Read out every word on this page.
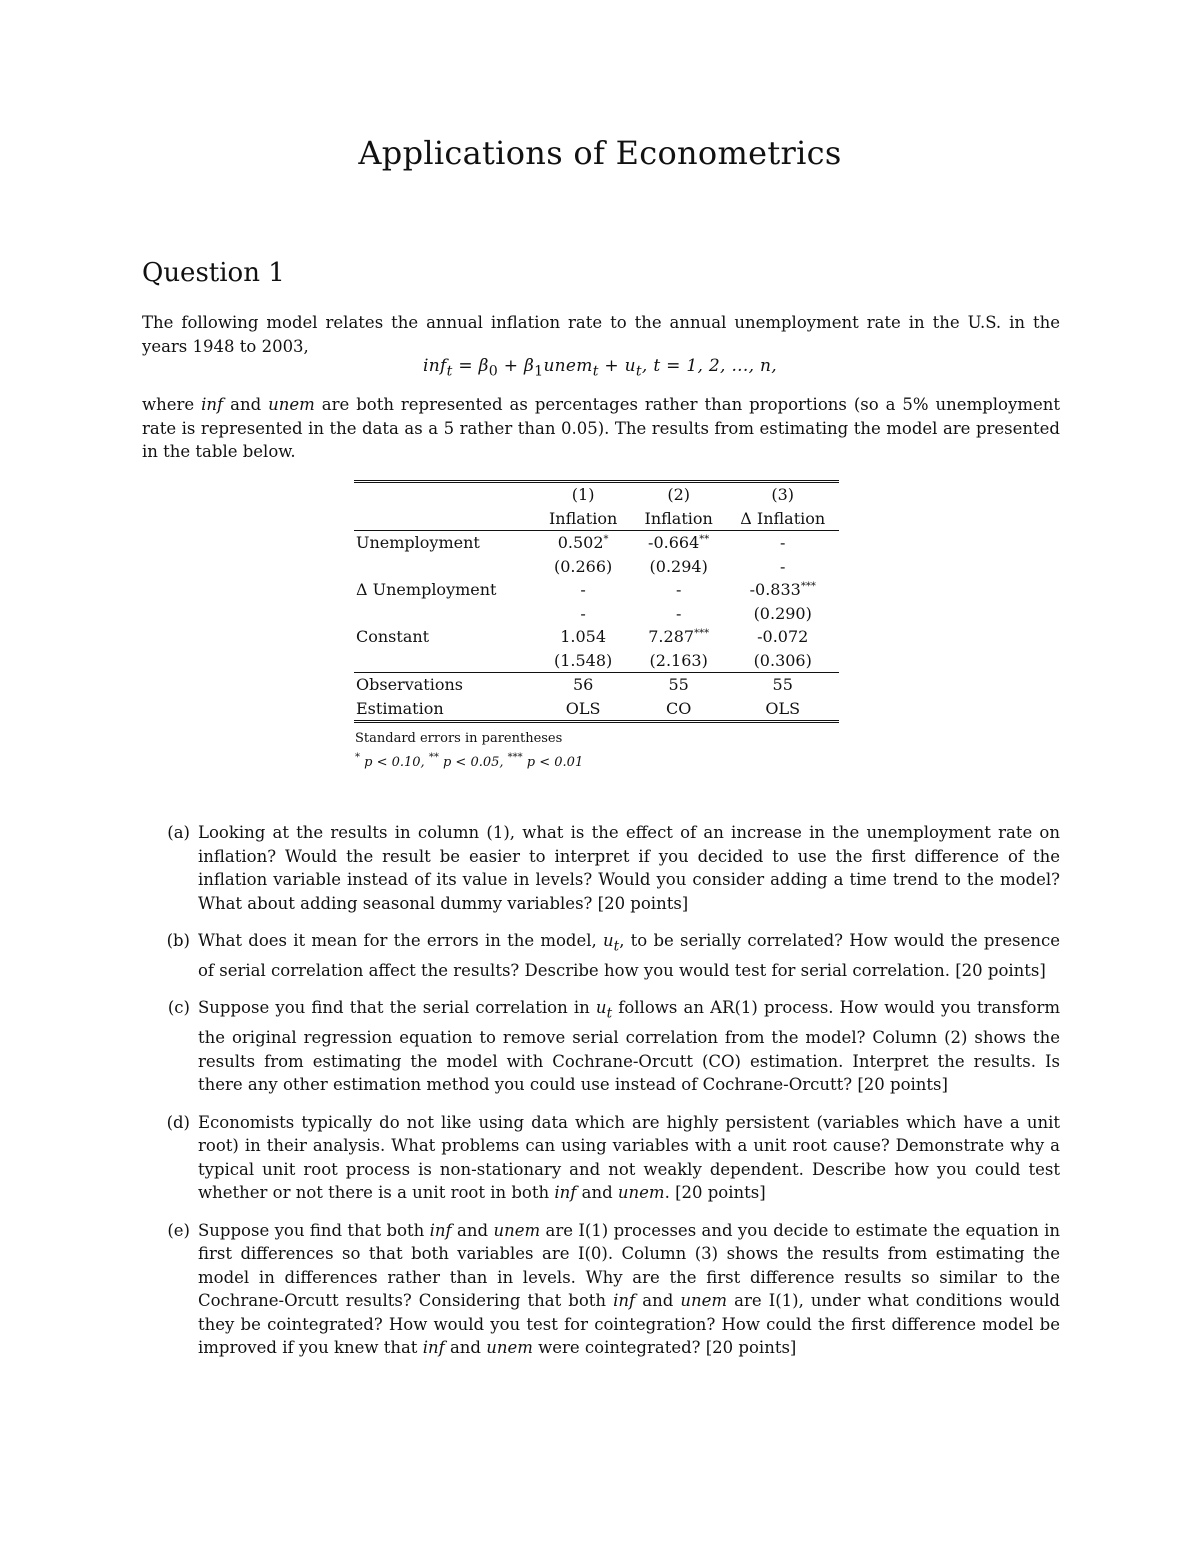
Applications of Econometrics
Question 1
The following model relates the annual inflation rate to the annual unemployment rate in the U.S. in the years 1948 to 2003,
$inf_t = \beta_0$ + $\beta_1unem_t + u_t$, t = 1, 2, ..., n,
where inf and unem are both represented as percentages rather than proportions (so a 5% unemployment rate is represented in the data as a 5 rather than 0.05). The results from estimating the model are presented in the table below.
	(1)	(2)	(3)
	Inflation	Inflation	Δ Inflation
Unemployment	0.502*	-0.664**	-
	(0.266)	(0.294)	-
Δ Unemployment	-	-	-0.833***
	-	-	(0.290)
Constant	1.054	7.287***	-0.072
	(1.548)	(2.163)	(0.306)
Observations	56	55	55
Estimation	OLS	CO	OLS
Standard errors in parentheses
* p < 0.10, ** p < 0.05, *** p < 0.01
(a) Looking at the results in column (1), what is the effect of an increase in the unemployment rate on inflation? Would the result be easier to interpret if you decided to use the first difference of the inflation variable instead of its value in levels? Would you consider adding a time trend to the model? What about adding seasonal dummy variables? [20 points]
(b) What does it mean for the errors in the model, $u_t$, to be serially correlated? How would the presence of serial correlation affect the results? Describe how you would test for serial correlation. [20 points]
(c) Suppose you find that the serial correlation in $u_t$ follows an AR(1) process. How would you transform the original regression equation to remove serial correlation from the model? Column (2) shows the results from estimating the model with Cochrane-Orcutt (CO) estimation. Interpret the results. Is there any other estimation method you could use instead of Cochrane-Orcutt? [20 points]
(d) Economists typically do not like using data which are highly persistent (variables which have a unit root) in their analysis. What problems can using variables with a unit root cause? Demonstrate why a typical unit root process is non-stationary and not weakly dependent. Describe how you could test whether or not there is a unit root in both inf and unem. [20 points]
(e) Suppose you find that both inf and unem are I(1) processes and you decide to estimate the equation in first differences so that both variables are I(0). Column (3) shows the results from estimating the model in differences rather than in levels. Why are the first difference results so similar to the Cochrane-Orcutt results? Considering that both inf and unem are I(1), under what conditions would they be cointegrated? How would you test for cointegration? How could the first difference model be improved if you knew that inf and unem were cointegrated? [20 points]
